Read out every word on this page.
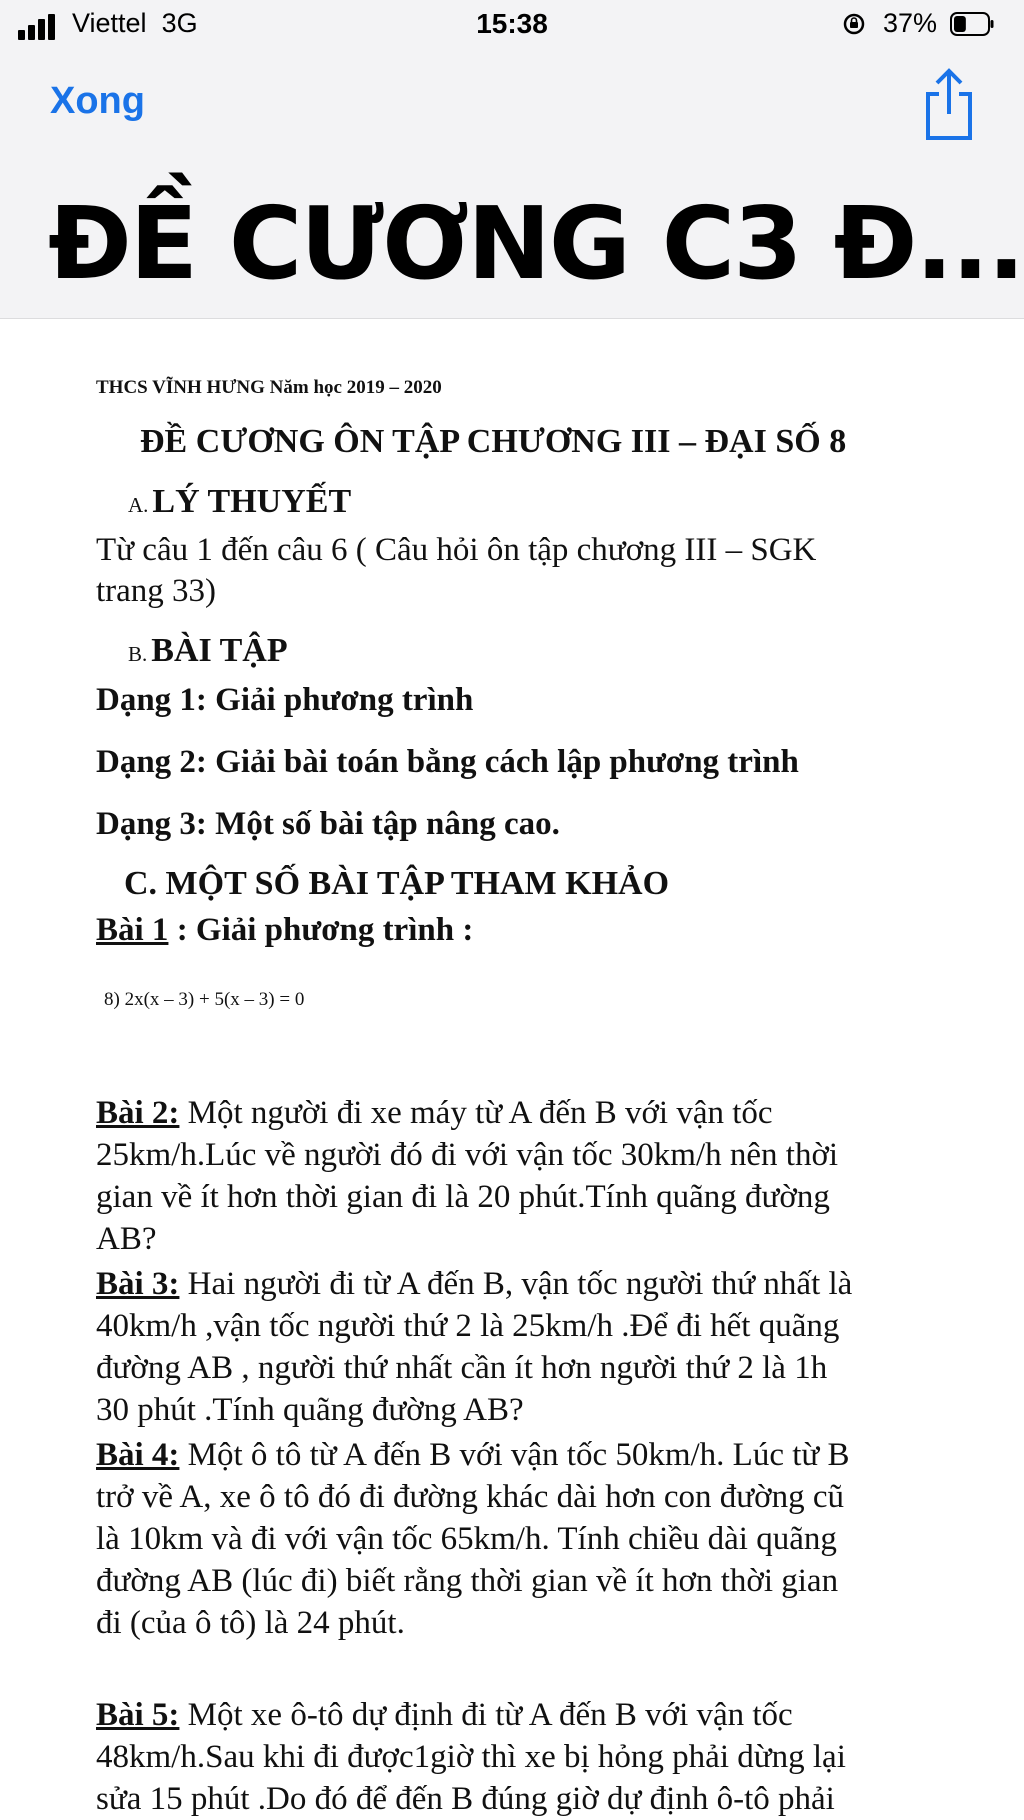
Viettel 3G	15:38	37%
Xong
ĐỀ CƯƠNG C3 Đ...
THCS VĨNH HƯNG Năm học 2019 – 2020
ĐỀ CƯƠNG ÔN TẬP CHƯƠNG III – ĐẠI SỐ 8
A. LÝ THUYẾT
Từ câu 1 đến câu 6 ( Câu hỏi ôn tập chương III – SGK
trang 33)
B. BÀI TẬP
Dạng 1: Giải phương trình
Dạng 2: Giải bài toán bằng cách lập phương trình
Dạng 3: Một số bài tập nâng cao.
C. MỘT SỐ BÀI TẬP THAM KHẢO
Bài 1 : Giải phương trình :
8) 2x(x – 3) + 5(x – 3) = 0
Bài 2: Một người đi xe máy từ A đến B với vận tốc
25km/h.Lúc về người đó đi với vận tốc 30km/h nên thời
gian về ít hơn thời gian đi là 20 phút.Tính quãng đường
AB?
Bài 3: Hai người đi từ A đến B, vận tốc người thứ nhất là
40km/h ,vận tốc người thứ 2 là 25km/h .Để đi hết quãng
đường AB , người thứ nhất cần ít hơn người thứ 2 là 1h
30 phút .Tính quãng đường AB?
Bài 4: Một ô tô từ A đến B với vận tốc 50km/h. Lúc từ B
trở về A, xe ô tô đó đi đường khác dài hơn con đường cũ
là 10km và đi với vận tốc 65km/h. Tính chiều dài quãng
đường AB (lúc đi) biết rằng thời gian về ít hơn thời gian
đi (của ô tô) là 24 phút.
Bài 5: Một xe ô-tô dự định đi từ A đến B với vận tốc
48km/h.Sau khi đi được1giờ thì xe bị hỏng phải dừng lại
sửa 15 phút .Do đó để đến B đúng giờ dự định ô-tô phải
